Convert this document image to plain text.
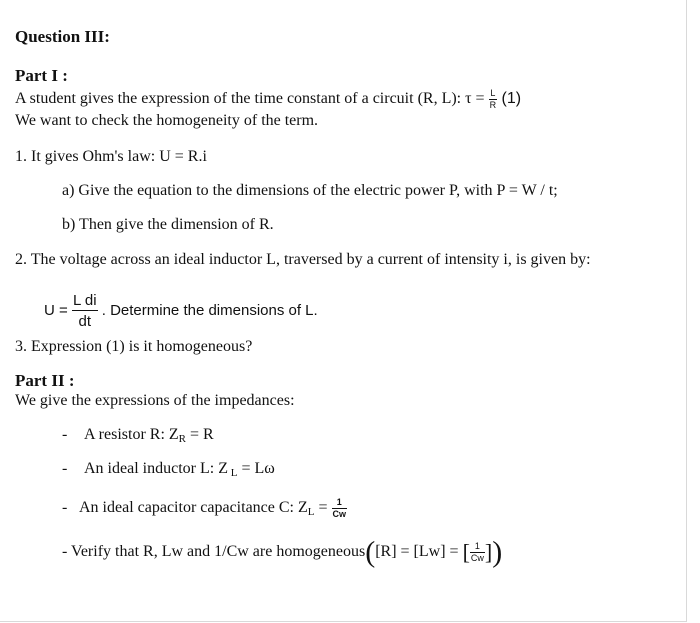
Question III:
Part I :
A student gives the expression of the time constant of a circuit (R, L): $\tau = \frac{L}{R} (1)$
We want to check the homogeneity of the term.
1. It gives Ohm's law: U = R.i
a) Give the equation to the dimensions of the electric power P, with P = W / t;
b) Then give the dimension of R.
2. The voltage across an ideal inductor L, traversed by a current of intensity i, is given by:
$U = \frac{\text{L di}}{dt}$ . Determine the dimensions of L.
3. Expression (1) is it homogeneous?
Part II :
We give the expressions of the impedances:
- A resistor R: $Z_R = R$
- An ideal inductor L: Z $_L$ = Lω
- An ideal capacitor capacitance C: $Z_L = \frac{1}{Cw}$
- Verify that R, Lw and 1/Cw are homogeneous([R] = [Lw] = [ $\frac{1}{Cw}$ ])
